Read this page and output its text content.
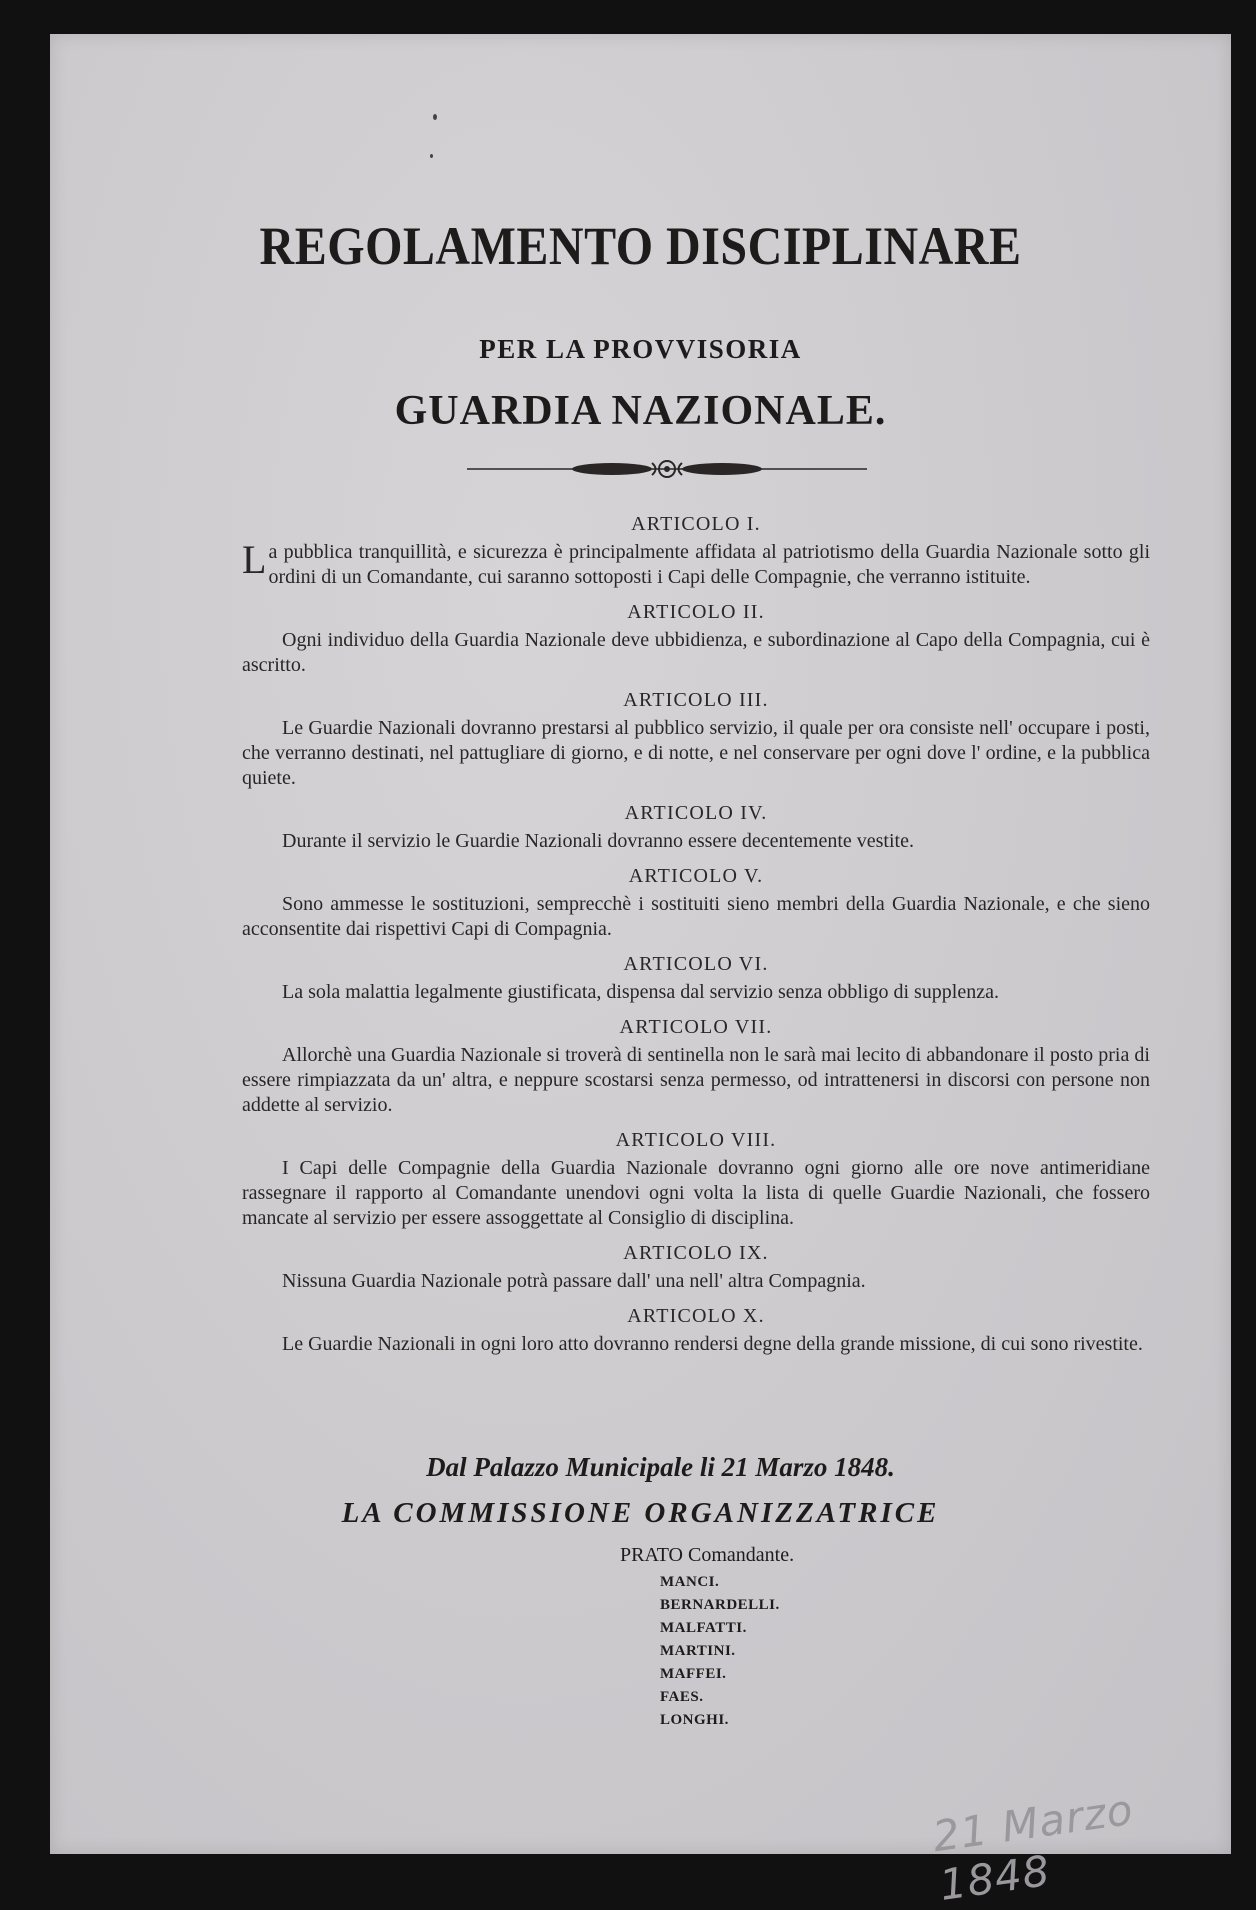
REGOLAMENTO DISCIPLINARE
PER LA PROVVISORIA
GUARDIA NAZIONALE.

ARTICOLO I.

La pubblica tranquillità, e sicurezza è principalmente affidata al patriotismo della Guardia Nazionale sotto gli ordini di un Comandante, cui saranno sottoposti i Capi delle Compagnie, che verranno istituite.

ARTICOLO II.

Ogni individuo della Guardia Nazionale deve ubbidienza, e subordinazione al Capo della Compagnia, cui è ascritto.

ARTICOLO III.

Le Guardie Nazionali dovranno prestarsi al pubblico servizio, il quale per ora consiste nell' occupare i posti, che verranno destinati, nel pattugliare di giorno, e di notte, e nel conservare per ogni dove l' ordine, e la pubblica quiete.

ARTICOLO IV.

Durante il servizio le Guardie Nazionali dovranno essere decentemente vestite.

ARTICOLO V.

Sono ammesse le sostituzioni, semprecchè i sostituiti sieno membri della Guardia Nazionale, e che sieno acconsentite dai rispettivi Capi di Compagnia.

ARTICOLO VI.

La sola malattia legalmente giustificata, dispensa dal servizio senza obbligo di supplenza.

ARTICOLO VII.

Allorchè una Guardia Nazionale si troverà di sentinella non le sarà mai lecito di abbandonare il posto pria di essere rimpiazzata da un' altra, e neppure scostarsi senza permesso, od intrattenersi in discorsi con persone non addette al servizio.

ARTICOLO VIII.

I Capi delle Compagnie della Guardia Nazionale dovranno ogni giorno alle ore nove antimeridiane rassegnare il rapporto al Comandante unendovi ogni volta la lista di quelle Guardie Nazionali, che fossero mancate al servizio per essere assoggettate al Consiglio di disciplina.

ARTICOLO IX.

Nissuna Guardia Nazionale potrà passare dall' una nell' altra Compagnia.

ARTICOLO X.

Le Guardie Nazionali in ogni loro atto dovranno rendersi degne della grande missione, di cui sono rivestite.

Dal Palazzo Municipale li 21 Marzo 1848.

LA COMMISSIONE ORGANIZZATRICE

PRATO Comandante.

MANCI.
BERNARDELLI.
MALFATTI.
MARTINI.
MAFFEI.
FAES.
LONGHI.
21 Marzo 1848
